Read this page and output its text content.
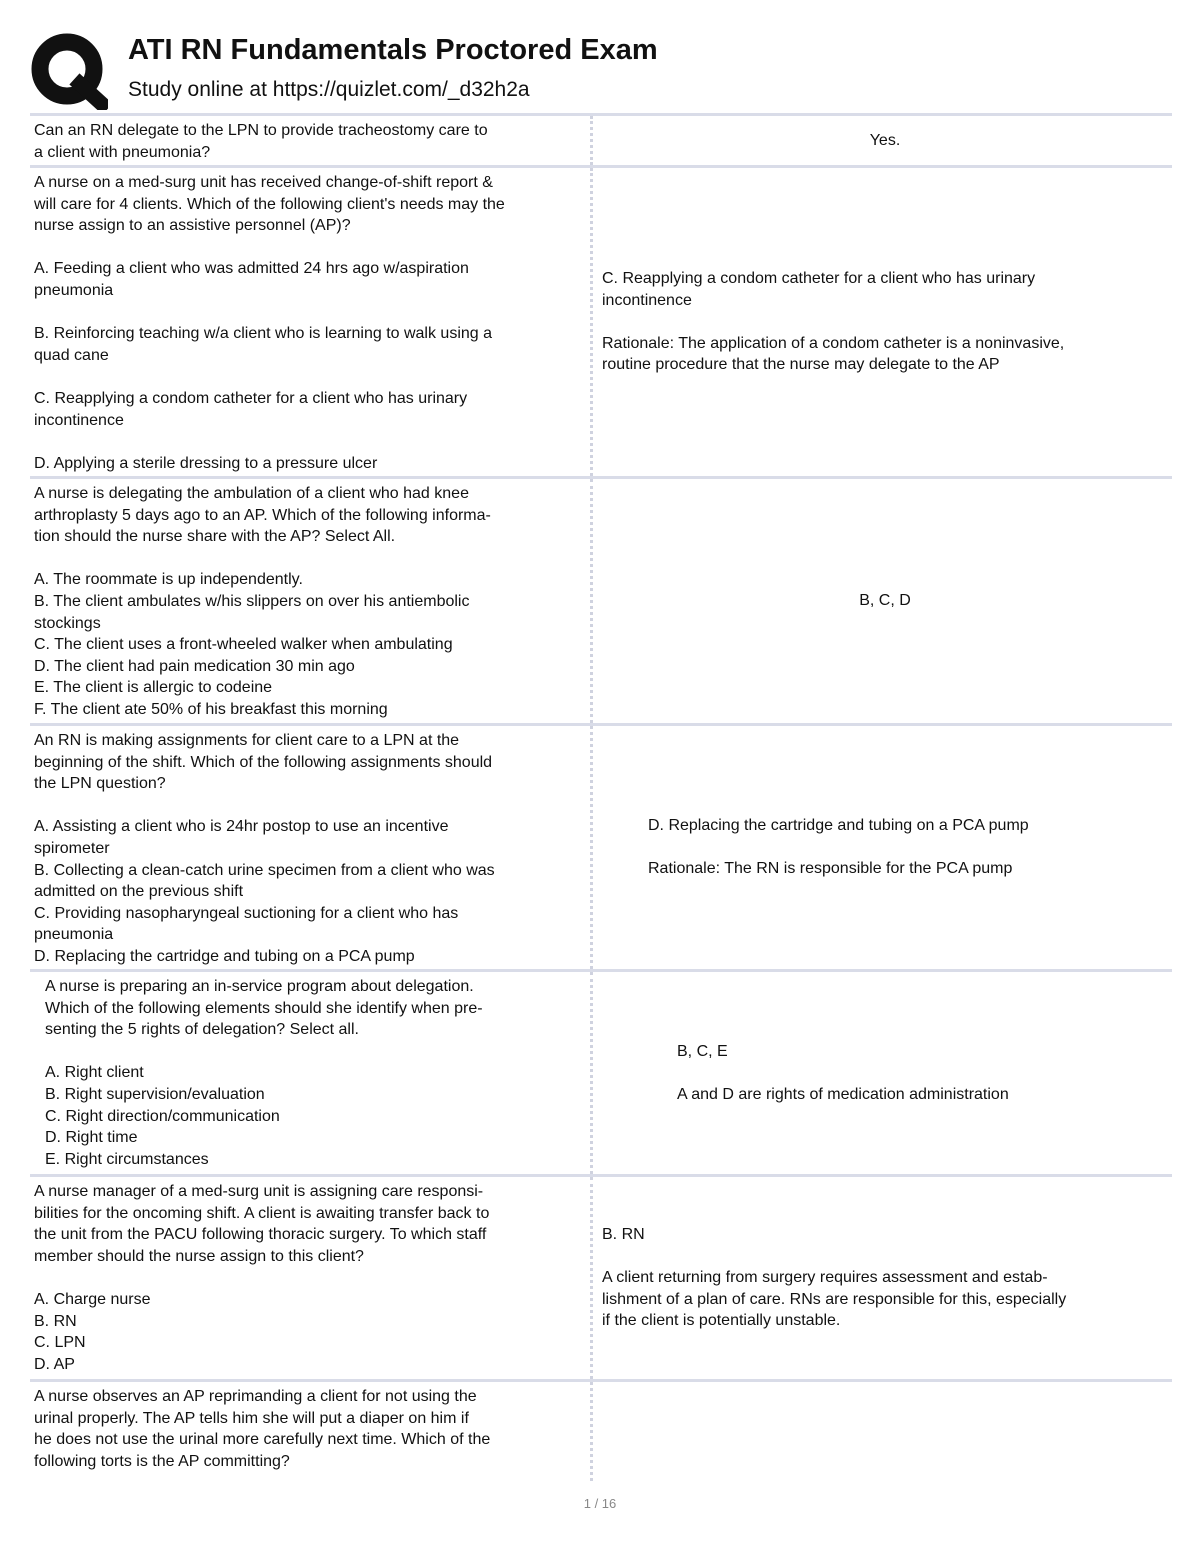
ATI RN Fundamentals Proctored Exam
Study online at https://quizlet.com/_d32h2a
Can an RN delegate to the LPN to provide tracheostomy care to
a client with pneumonia?
Yes.
A nurse on a med-surg unit has received change-of-shift report &
will care for 4 clients. Which of the following client's needs may the
nurse assign to an assistive personnel (AP)?

A. Feeding a client who was admitted 24 hrs ago w/aspiration
pneumonia

B. Reinforcing teaching w/a client who is learning to walk using a
quad cane

C. Reapplying a condom catheter for a client who has urinary
incontinence

D. Applying a sterile dressing to a pressure ulcer
C. Reapplying a condom catheter for a client who has urinary
incontinence

Rationale: The application of a condom catheter is a noninvasive,
routine procedure that the nurse may delegate to the AP
A nurse is delegating the ambulation of a client who had knee
arthroplasty 5 days ago to an AP. Which of the following informa-
tion should the nurse share with the AP? Select All.

A. The roommate is up independently.
B. The client ambulates w/his slippers on over his antiembolic
stockings
C. The client uses a front-wheeled walker when ambulating
D. The client had pain medication 30 min ago
E. The client is allergic to codeine
F. The client ate 50% of his breakfast this morning
B, C, D
An RN is making assignments for client care to a LPN at the
beginning of the shift. Which of the following assignments should
the LPN question?

A. Assisting a client who is 24hr postop to use an incentive
spirometer
B. Collecting a clean-catch urine specimen from a client who was
admitted on the previous shift
C. Providing nasopharyngeal suctioning for a client who has
pneumonia
D. Replacing the cartridge and tubing on a PCA pump
D. Replacing the cartridge and tubing on a PCA pump

Rationale: The RN is responsible for the PCA pump
A nurse is preparing an in-service program about delegation.
Which of the following elements should she identify when pre-
senting the 5 rights of delegation? Select all.

A. Right client
B. Right supervision/evaluation
C. Right direction/communication
D. Right time
E. Right circumstances
B, C, E

A and D are rights of medication administration
A nurse manager of a med-surg unit is assigning care responsi-
bilities for the oncoming shift. A client is awaiting transfer back to
the unit from the PACU following thoracic surgery. To which staff
member should the nurse assign to this client?

A. Charge nurse
B. RN
C. LPN
D. AP
B. RN

A client returning from surgery requires assessment and estab-
lishment of a plan of care. RNs are responsible for this, especially
if the client is potentially unstable.
A nurse observes an AP reprimanding a client for not using the
urinal properly. The AP tells him she will put a diaper on him if
he does not use the urinal more carefully next time. Which of the
following torts is the AP committing?
1 / 16
